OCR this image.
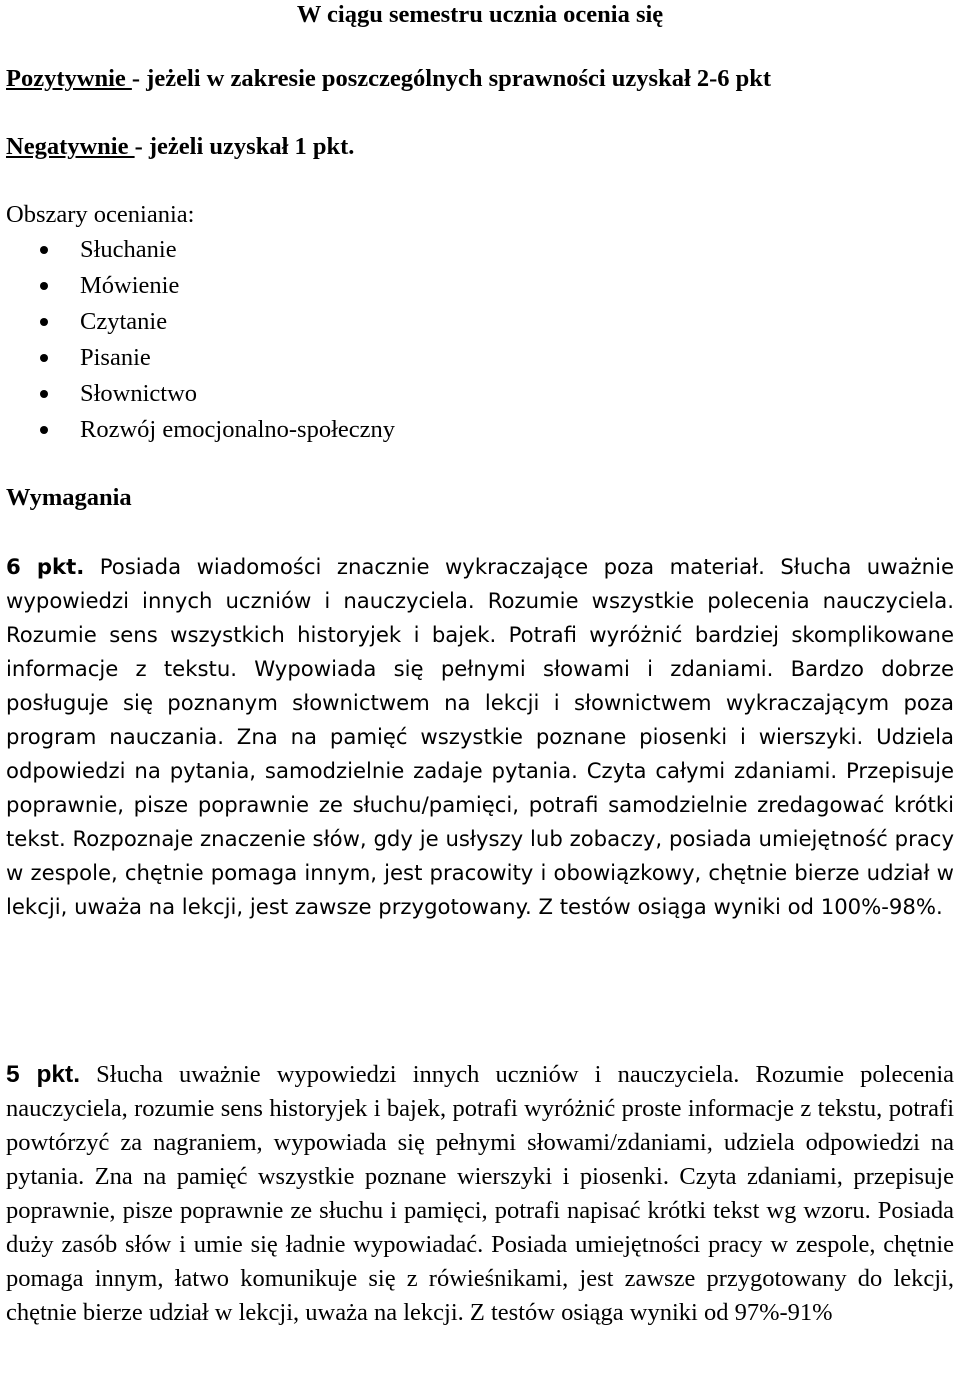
W ciągu semestru ucznia ocenia się
Pozytywnie - jeżeli w zakresie poszczególnych sprawności uzyskał 2-6 pkt
Negatywnie - jeżeli uzyskał 1 pkt.
Obszary oceniania:
Słuchanie
Mówienie
Czytanie
Pisanie
Słownictwo
Rozwój emocjonalno-społeczny
Wymagania
6 pkt. Posiada wiadomości znacznie wykraczające poza materiał. Słucha uważnie wypowiedzi innych uczniów i nauczyciela. Rozumie wszystkie polecenia nauczyciela. Rozumie sens wszystkich historyjek i bajek. Potrafi wyróżnić bardziej skomplikowane informacje z tekstu. Wypowiada się pełnymi słowami i zdaniami. Bardzo dobrze posługuje się poznanym słownictwem na lekcji i słownictwem wykraczającym poza program nauczania. Zna na pamięć wszystkie poznane piosenki i wierszyki. Udziela odpowiedzi na pytania, samodzielnie zadaje pytania. Czyta całymi zdaniami. Przepisuje poprawnie, pisze poprawnie ze słuchu/pamięci, potrafi samodzielnie zredagować krótki tekst. Rozpoznaje znaczenie słów, gdy je usłyszy lub zobaczy, posiada umiejętność pracy w zespole, chętnie pomaga innym, jest pracowity i obowiązkowy, chętnie bierze udział w lekcji, uważa na lekcji, jest zawsze przygotowany. Z testów osiąga wyniki od 100%-98%.
5 pkt. Słucha uważnie wypowiedzi innych uczniów i nauczyciela. Rozumie polecenia nauczyciela, rozumie sens historyjek i bajek, potrafi wyróżnić proste informacje z tekstu, potrafi powtórzyć za nagraniem, wypowiada się pełnymi słowami/zdaniami, udziela odpowiedzi na pytania. Zna na pamięć wszystkie poznane wierszyki i piosenki. Czyta zdaniami, przepisuje poprawnie, pisze poprawnie ze słuchu i pamięci, potrafi napisać krótki tekst wg wzoru. Posiada duży zasób słów i umie się ładnie wypowiadać. Posiada umiejętności pracy w zespole, chętnie pomaga innym, łatwo komunikuje się z rówieśnikami, jest zawsze przygotowany do lekcji, chętnie bierze udział w lekcji, uważa na lekcji. Z testów osiąga wyniki od 97%-91%
